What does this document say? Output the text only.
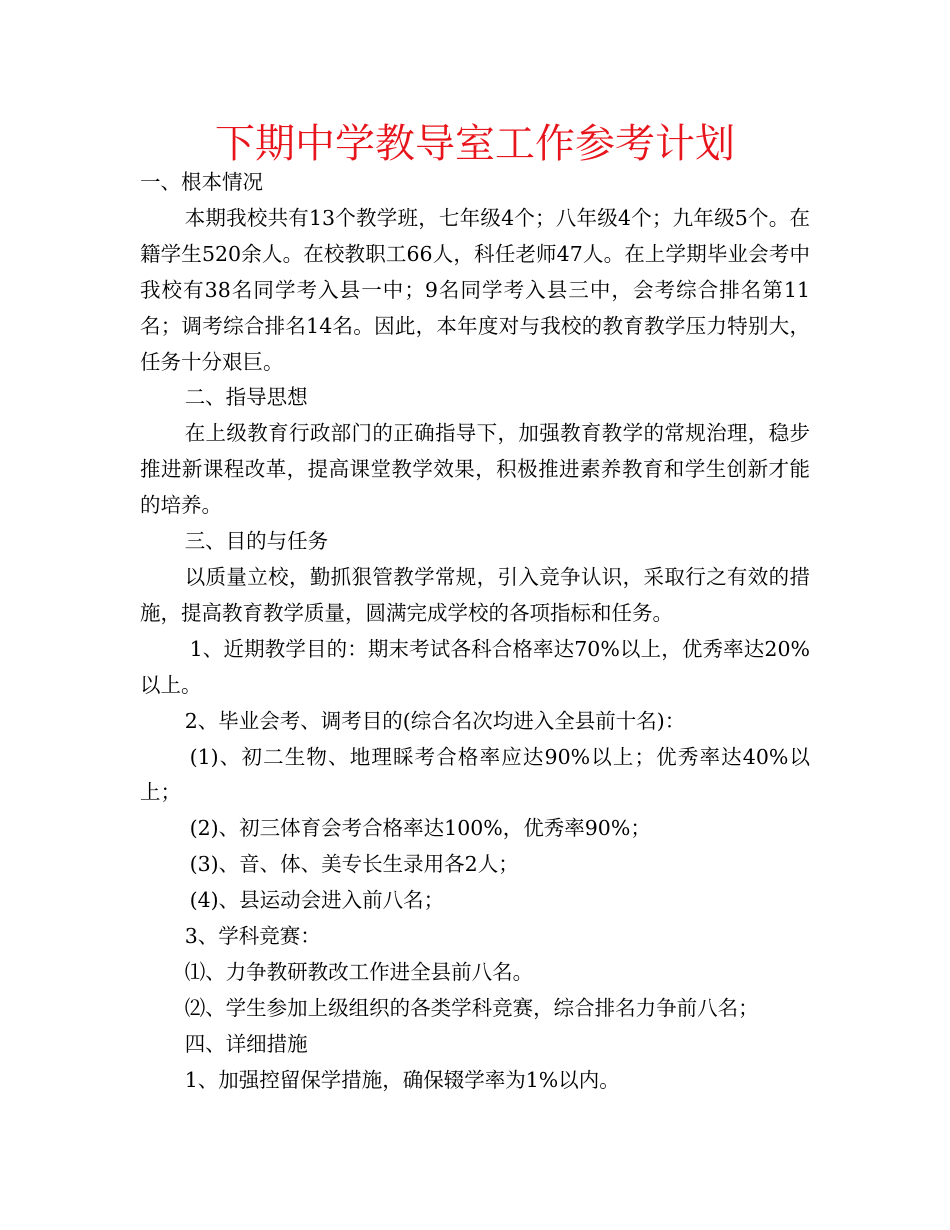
下期中学教导室工作参考计划

一、根本情况

本期我校共有13个教学班，七年级4个；八年级4个；九年级5个。在籍学生520余人。在校教职工66人，科任老师47人。在上学期毕业会考中我校有38名同学考入县一中；9名同学考入县三中，会考综合排名第11名；调考综合排名14名。因此，本年度对与我校的教育教学压力特别大，任务十分艰巨。

二、指导思想

在上级教育行政部门的正确指导下，加强教育教学的常规治理，稳步推进新课程改革，提高课堂教学效果，积极推进素养教育和学生创新才能的培养。

三、目的与任务

以质量立校，勤抓狠管教学常规，引入竞争认识，采取行之有效的措施，提高教育教学质量，圆满完成学校的各项指标和任务。

1、近期教学目的：期末考试各科合格率达70%以上，优秀率达20%以上。

2、毕业会考、调考目的(综合名次均进入全县前十名)：

(1)、初二生物、地理睬考合格率应达90%以上；优秀率达40%以上；

(2)、初三体育会考合格率达100%，优秀率90%；

(3)、音、体、美专长生录用各2人；

(4)、县运动会进入前八名；

3、学科竞赛：

⑴、力争教研教改工作进全县前八名。

⑵、学生参加上级组织的各类学科竞赛，综合排名力争前八名；

四、详细措施

1、加强控留保学措施，确保辍学率为1%以内。
